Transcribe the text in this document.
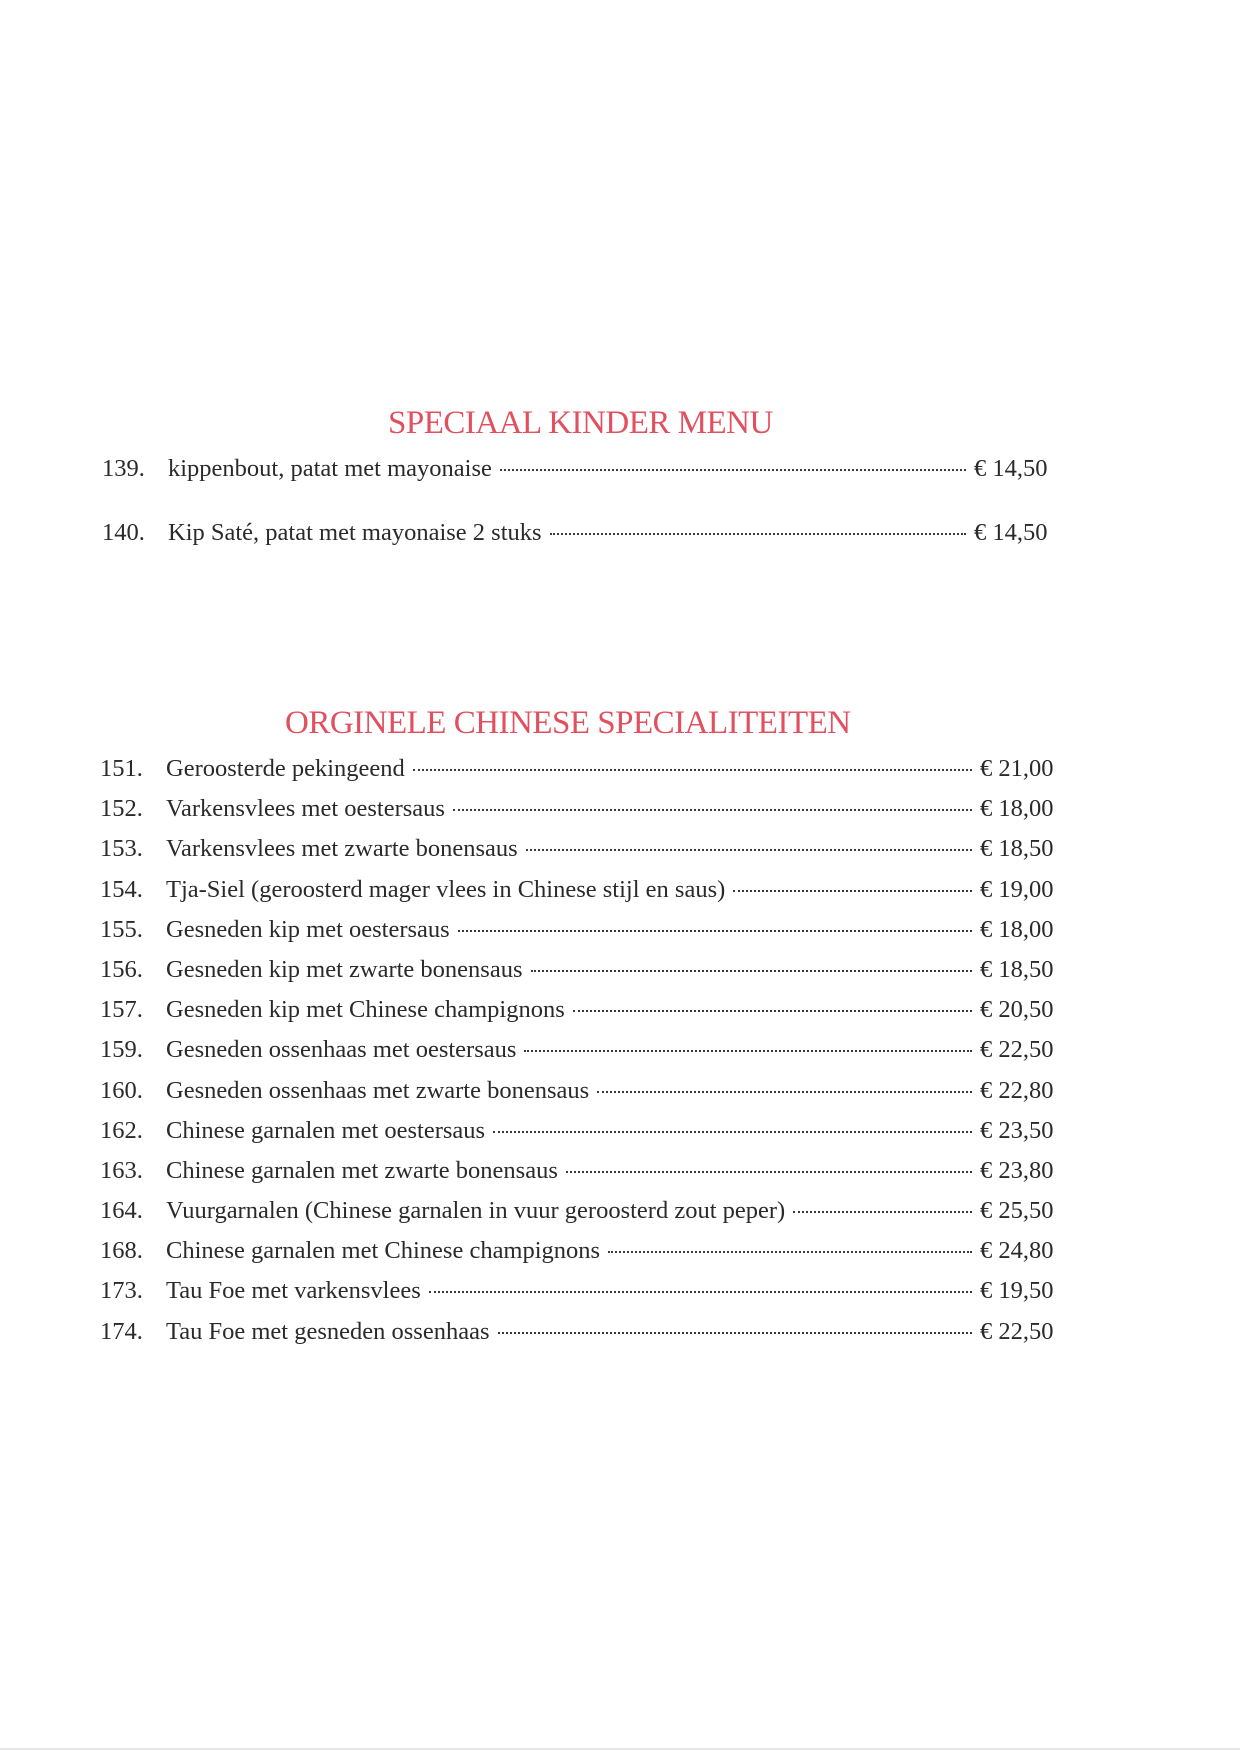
SPECIAAL KINDER MENU
139. kippenbout, patat met mayonaise	€ 14,50
140. Kip Saté, patat met mayonaise 2 stuks	€ 14,50
ORGINELE CHINESE SPECIALITEITEN
151. Geroosterde pekingeend	€ 21,00
152. Varkensvlees met oestersaus	€ 18,00
153. Varkensvlees met zwarte bonensaus	€ 18,50
154. Tja-Siel (geroosterd mager vlees in Chinese stijl en saus)	€ 19,00
155. Gesneden kip met oestersaus	€ 18,00
156. Gesneden kip met zwarte bonensaus	€ 18,50
157. Gesneden kip met Chinese champignons	€ 20,50
159. Gesneden ossenhaas met oestersaus	€ 22,50
160. Gesneden ossenhaas met zwarte bonensaus	€ 22,80
162. Chinese garnalen met oestersaus	€ 23,50
163. Chinese garnalen met zwarte bonensaus	€ 23,80
164. Vuurgarnalen (Chinese garnalen in vuur geroosterd zout peper)	€ 25,50
168. Chinese garnalen met Chinese champignons	€ 24,80
173. Tau Foe met varkensvlees	€ 19,50
174. Tau Foe met gesneden ossenhaas	€ 22,50
